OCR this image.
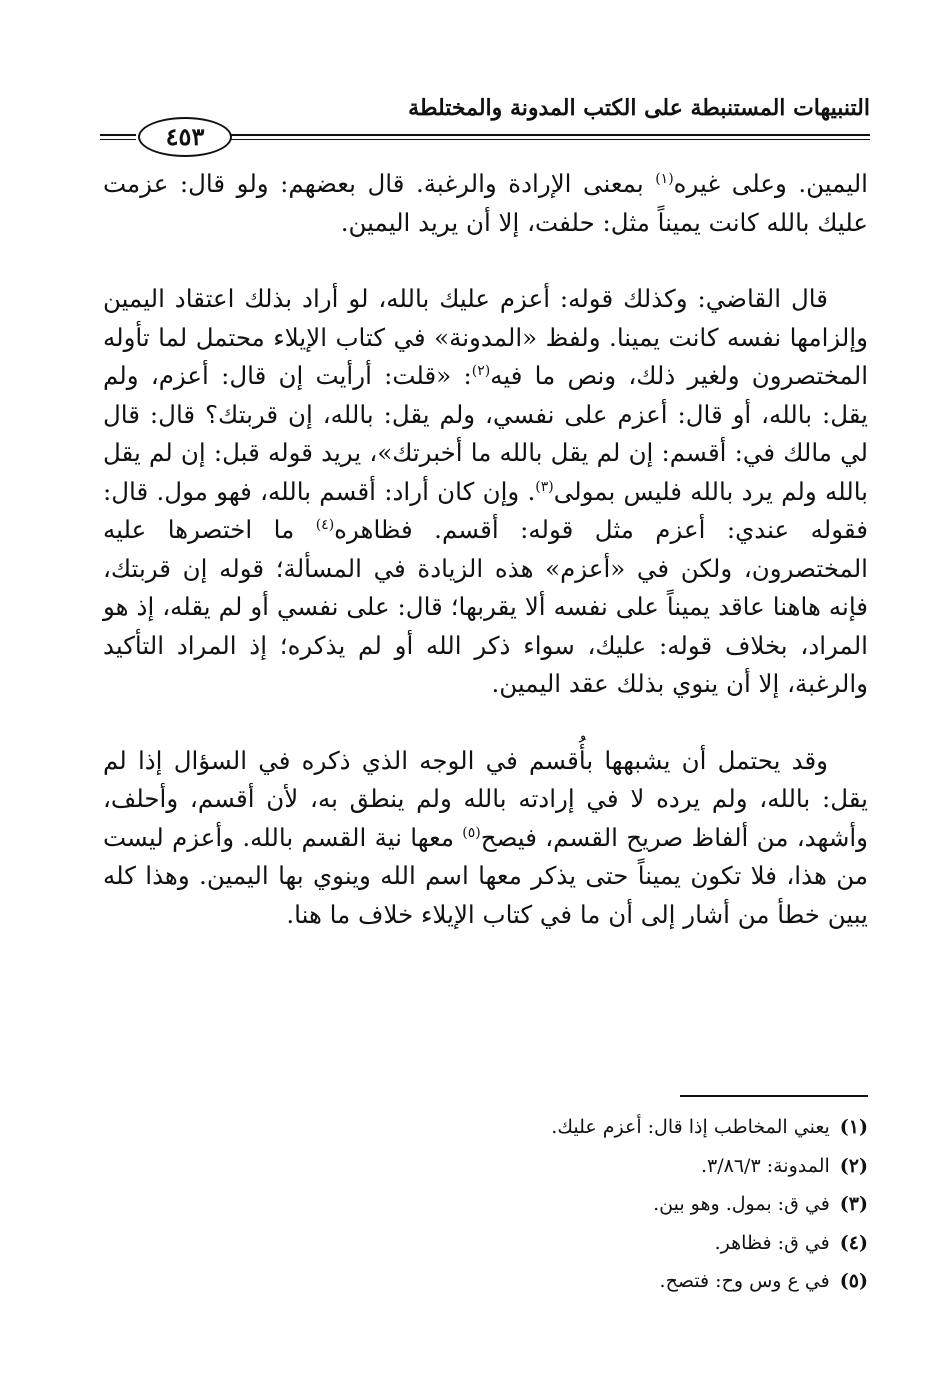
التنبيهات المستنبطة على الكتب المدونة والمختلطة
٤٥٣

اليمين. وعلى غيره$^{(١)}$ بمعنى الإرادة والرغبة. قال بعضهم: ولو قال: عزمت عليك بالله كانت يميناً مثل: حلفت، إلا أن يريد اليمين.

قال القاضي: وكذلك قوله: أعزم عليك بالله، لو أراد بذلك اعتقاد اليمين وإلزامها نفسه كانت يمينا. ولفظ «المدونة» في كتاب الإيلاء محتمل لما تأوله المختصرون ولغير ذلك، ونص ما فيه$^{(٢)}$: «قلت: أرأيت إن قال: أعزم، ولم يقل: بالله، أو قال: أعزم على نفسي، ولم يقل: بالله، إن قربتك؟ قال: قال لي مالك في: أقسم: إن لم يقل بالله ما أخبرتك»، يريد قوله قبل: إن لم يقل بالله ولم يرد بالله فليس بمولى$^{(٣)}$. وإن كان أراد: أقسم بالله، فهو مول. قال: فقوله عندي: أعزم مثل قوله: أقسم. فظاهره$^{(٤)}$ ما اختصرها عليه المختصرون، ولكن في «أعزم» هذه الزيادة في المسألة؛ قوله إن قربتك، فإنه هاهنا عاقد يميناً على نفسه ألا يقربها؛ قال: على نفسي أو لم يقله، إذ هو المراد، بخلاف قوله: عليك، سواء ذكر الله أو لم يذكره؛ إذ المراد التأكيد والرغبة، إلا أن ينوي بذلك عقد اليمين.

وقد يحتمل أن يشبهها بأُقسم في الوجه الذي ذكره في السؤال إذا لم يقل: بالله، ولم يرده لا في إرادته بالله ولم ينطق به، لأن أقسم، وأحلف، وأشهد، من ألفاظ صريح القسم، فيصح$^{(٥)}$ معها نية القسم بالله. وأعزم ليست من هذا، فلا تكون يميناً حتى يذكر معها اسم الله وينوي بها اليمين. وهذا كله يبين خطأ من أشار إلى أن ما في كتاب الإيلاء خلاف ما هنا.

(١)يعني المخاطب إذا قال: أعزم عليك.
(٢)المدونة: ٣/٨٦/٣.
(٣)في ق: بمول. وهو بين.
(٤)في ق: فظاهر.
(٥)في ع وس وح: فتصح.
